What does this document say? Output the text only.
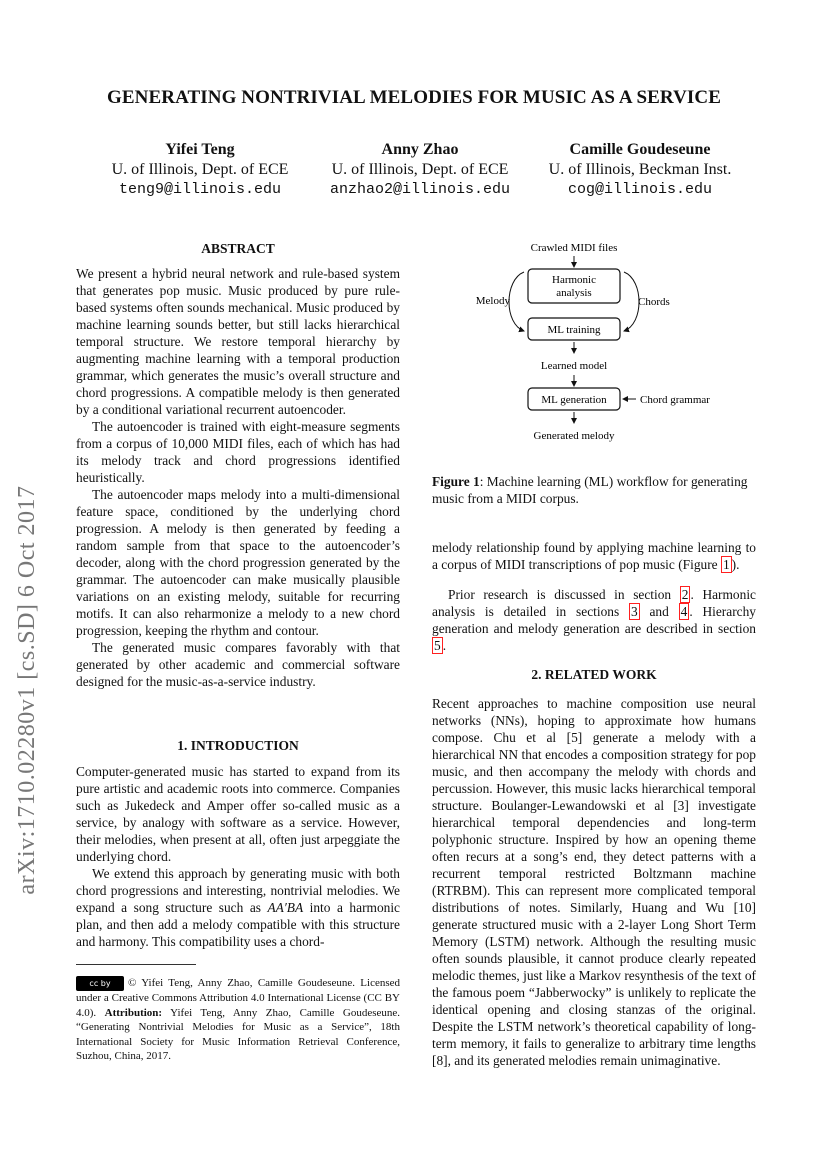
arXiv:1710.02280v1 [cs.SD] 6 Oct 2017
GENERATING NONTRIVIAL MELODIES FOR MUSIC AS A SERVICE
Yifei Teng
U. of Illinois, Dept. of ECE
teng9@illinois.edu
Anny Zhao
U. of Illinois, Dept. of ECE
anzhao2@illinois.edu
Camille Goudeseune
U. of Illinois, Beckman Inst.
cog@illinois.edu
ABSTRACT

We present a hybrid neural network and rule-based system that generates pop music. Music produced by pure rule-based systems often sounds mechanical. Music produced by machine learning sounds better, but still lacks hierarchical temporal structure. We restore temporal hierarchy by augmenting machine learning with a temporal production grammar, which generates the music’s overall structure and chord progressions. A compatible melody is then generated by a conditional variational recurrent autoencoder.

The autoencoder is trained with eight-measure segments from a corpus of 10,000 MIDI files, each of which has had its melody track and chord progressions identified heuristically.

The autoencoder maps melody into a multi-dimensional feature space, conditioned by the underlying chord progression. A melody is then generated by feeding a random sample from that space to the autoencoder’s decoder, along with the chord progression generated by the grammar. The autoencoder can make musically plausible variations on an existing melody, suitable for recurring motifs. It can also reharmonize a melody to a new chord progression, keeping the rhythm and contour.

The generated music compares favorably with that generated by other academic and commercial software designed for the music-as-a-service industry.

1. INTRODUCTION

Computer-generated music has started to expand from its pure artistic and academic roots into commerce. Companies such as Jukedeck and Amper offer so-called music as a service, by analogy with software as a service. However, their melodies, when present at all, often just arpeggiate the underlying chord.

We extend this approach by generating music with both chord progressions and interesting, nontrivial melodies. We expand a song structure such as AA′BA into a harmonic plan, and then add a melody compatible with this structure and harmony. This compatibility uses a chord-

cc by © Yifei Teng, Anny Zhao, Camille Goudeseune. Licensed under a Creative Commons Attribution 4.0 International License (CC BY 4.0). Attribution: Yifei Teng, Anny Zhao, Camille Goudeseune. “Generating Nontrivial Melodies for Music as a Service”, 18th International Society for Music Information Retrieval Conference, Suzhou, China, 2017.
Crawled MIDI files
Harmonic
analysis
ML training
Melody	Chords
Learned model
ML generation	Chord grammar
Generated melody
Figure 1: Machine learning (ML) workflow for generating music from a MIDI corpus.

melody relationship found by applying machine learning to a corpus of MIDI transcriptions of pop music (Figure 1 ).

Prior research is discussed in section 2 . Harmonic analysis is detailed in sections 3 and 4 . Hierarchy generation and melody generation are described in section 5 .

2. RELATED WORK

Recent approaches to machine composition use neural networks (NNs), hoping to approximate how humans compose. Chu et al [5] generate a melody with a hierarchical NN that encodes a composition strategy for pop music, and then accompany the melody with chords and percussion. However, this music lacks hierarchical temporal structure. Boulanger-Lewandowski et al [3] investigate hierarchical temporal dependencies and long-term polyphonic structure. Inspired by how an opening theme often recurs at a song’s end, they detect patterns with a recurrent temporal restricted Boltzmann machine (RTRBM). This can represent more complicated temporal distributions of notes. Similarly, Huang and Wu [10] generate structured music with a 2-layer Long Short Term Memory (LSTM) network. Although the resulting music often sounds plausible, it cannot produce clearly repeated melodic themes, just like a Markov resynthesis of the text of the famous poem “Jabberwocky” is unlikely to replicate the identical opening and closing stanzas of the original. Despite the LSTM network’s theoretical capability of long-term memory, it fails to generalize to arbitrary time lengths [8], and its generated melodies remain unimaginative.
